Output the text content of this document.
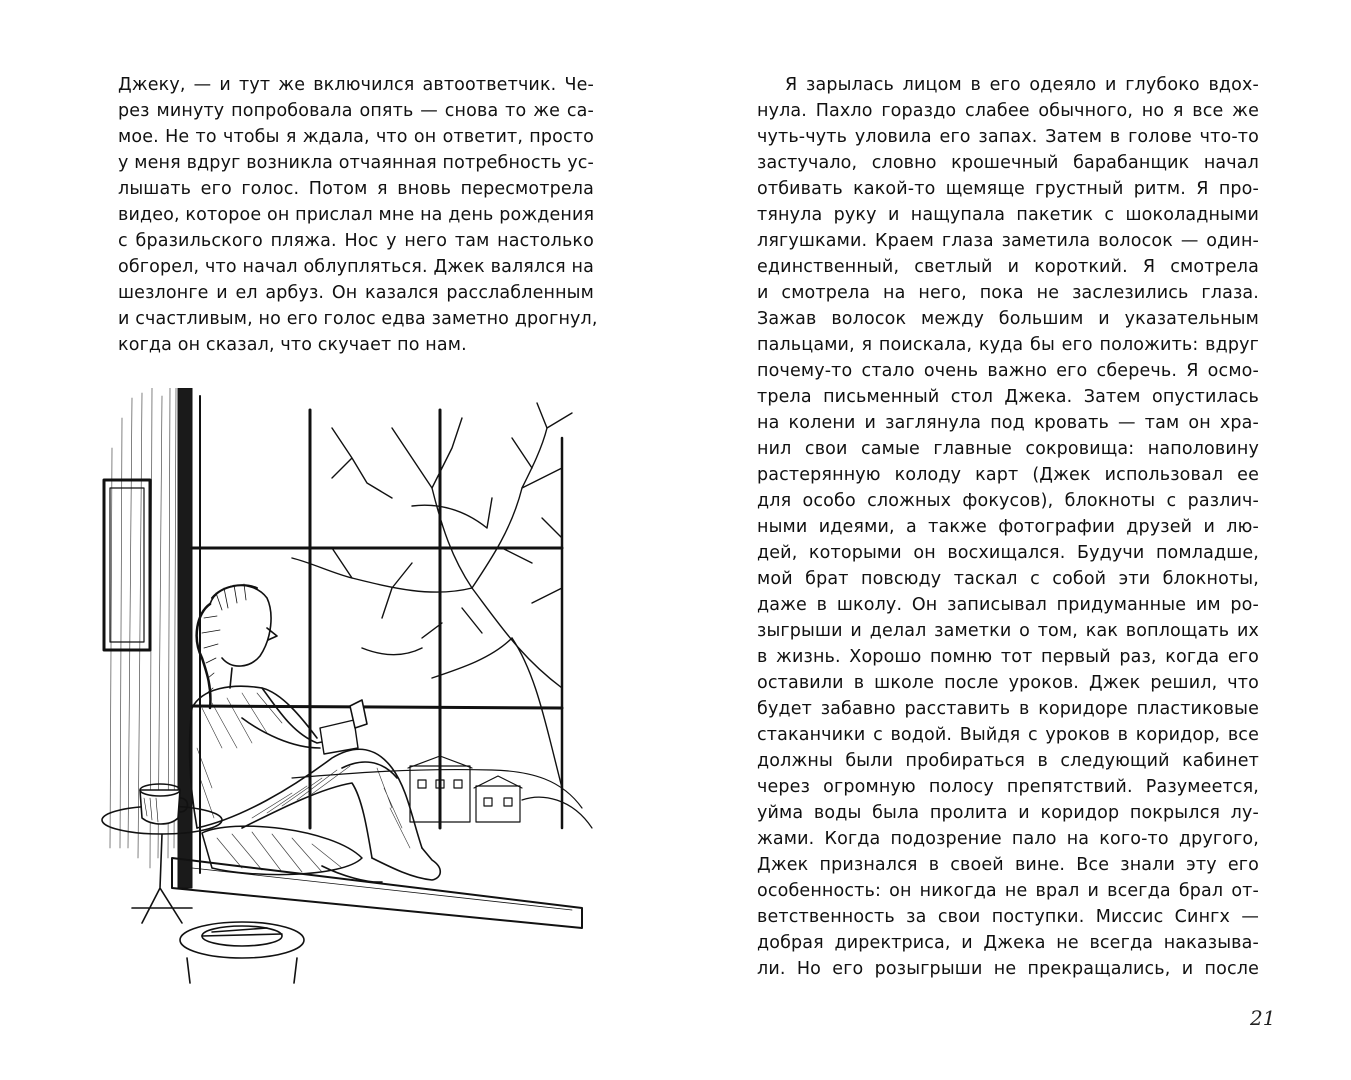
Джеку, — и тут же включился автоответчик. Че-
рез минуту попробовала опять — снова то же са-
мое. Не то чтобы я ждала, что он ответит, просто
у меня вдруг возникла отчаянная потребность ус-
лышать его голос. Потом я вновь пересмотрела
видео, которое он прислал мне на день рождения
с бразильского пляжа. Нос у него там настолько
обгорел, что начал облупляться. Джек валялся на
шезлонге и ел арбуз. Он казался расслабленным
и счастливым, но его голос едва заметно дрогнул,
когда он сказал, что скучает по нам.
Я зарылась лицом в его одеяло и глубоко вдох-
нула. Пахло гораздо слабее обычного, но я все же
чуть-чуть уловила его запах. Затем в голове что-то
застучало, словно крошечный барабанщик начал
отбивать какой-то щемяще грустный ритм. Я про-
тянула руку и нащупала пакетик с шоколадными
лягушками. Краем глаза заметила волосок — один-
единственный, светлый и короткий. Я смотрела
и смотрела на него, пока не заслезились глаза.
Зажав волосок между большим и указательным
пальцами, я поискала, куда бы его положить: вдруг
почему-то стало очень важно его сберечь. Я осмо-
трела письменный стол Джека. Затем опустилась
на колени и заглянула под кровать — там он хра-
нил свои самые главные сокровища: наполовину
растерянную колоду карт (Джек использовал ее
для особо сложных фокусов), блокноты с различ-
ными идеями, а также фотографии друзей и лю-
дей, которыми он восхищался. Будучи помладше,
мой брат повсюду таскал с собой эти блокноты,
даже в школу. Он записывал придуманные им ро-
зыгрыши и делал заметки о том, как воплощать их
в жизнь. Хорошо помню тот первый раз, когда его
оставили в школе после уроков. Джек решил, что
будет забавно расставить в коридоре пластиковые
стаканчики с водой. Выйдя с уроков в коридор, все
должны были пробираться в следующий кабинет
через огромную полосу препятствий. Разумеется,
уйма воды была пролита и коридор покрылся лу-
жами. Когда подозрение пало на кого-то другого,
Джек признался в своей вине. Все знали эту его
особенность: он никогда не врал и всегда брал от-
ветственность за свои поступки. Миссис Сингх —
добрая директриса, и Джека не всегда наказыва-
ли. Но его розыгрыши не прекращались, и после
21
